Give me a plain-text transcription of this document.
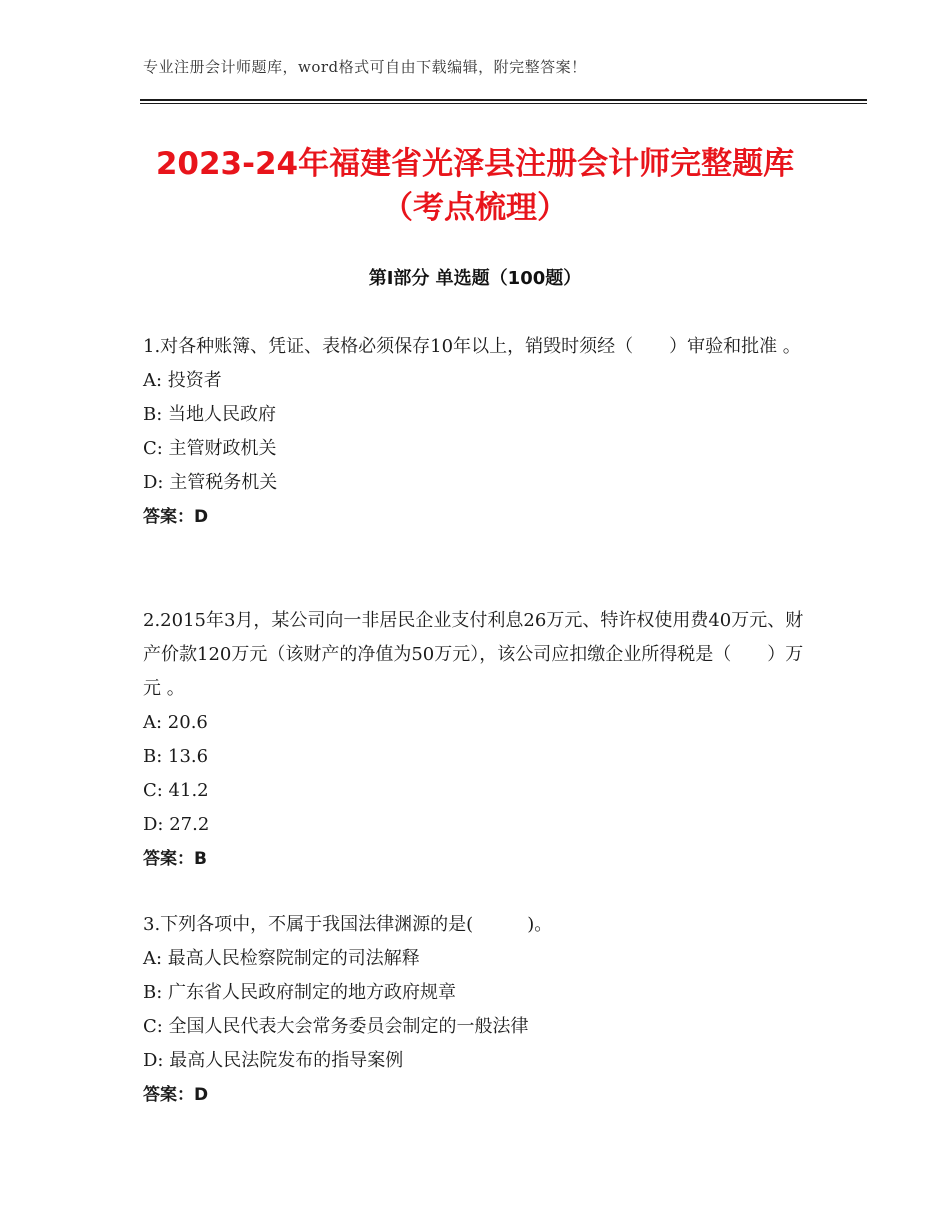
专业注册会计师题库，word格式可自由下载编辑，附完整答案！
2023-24年福建省光泽县注册会计师完整题库（考点梳理）
第I部分 单选题（100题）

1.对各种账簿、凭证、表格必须保存10年以上，销毁时须经（　　）审验和批准 。

A: 投资者

B: 当地人民政府

C: 主管财政机关

D: 主管税务机关

答案：D

2.2015年3月，某公司向一非居民企业支付利息26万元、特许权使用费40万元、财产价款120万元（该财产的净值为50万元），该公司应扣缴企业所得税是（　　）万元 。

A: 20.6

B: 13.6

C: 41.2

D: 27.2

答案：B

3.下列各项中，不属于我国法律渊源的是(　　　)。

A: 最高人民检察院制定的司法解释

B: 广东省人民政府制定的地方政府规章

C: 全国人民代表大会常务委员会制定的一般法律

D: 最高人民法院发布的指导案例

答案：D
